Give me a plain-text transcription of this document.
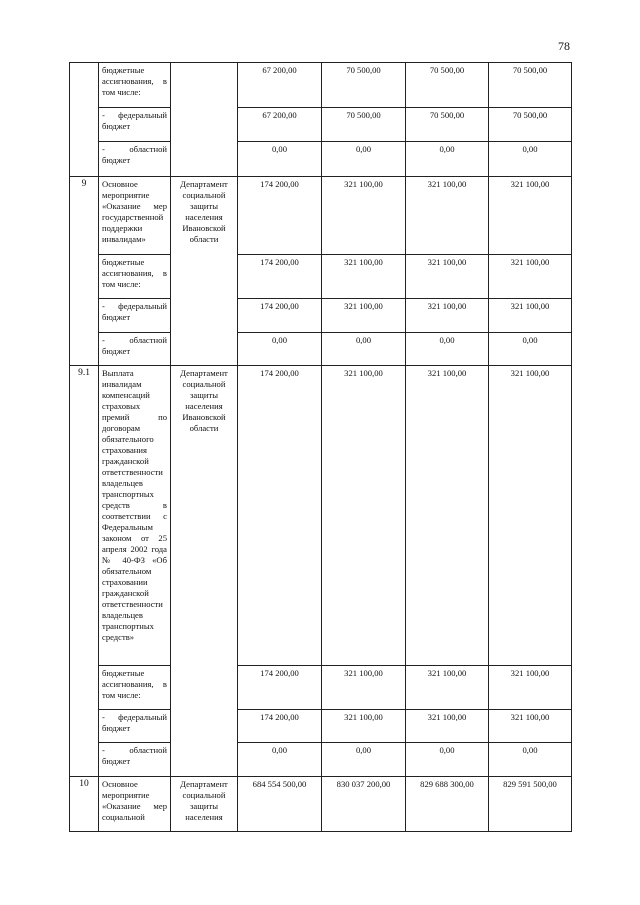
78
	бюджетные ассигнования, в том числе:		67 200,00	70 500,00	70 500,00	70 500,00
	- федеральный бюджет		67 200,00	70 500,00	70 500,00	70 500,00
	- областной бюджет		0,00	0,00	0,00	0,00
9	Основное мероприятие «Оказание мер государственной поддержки инвалидам»	Департамент социальной защиты населения Ивановской области	174 200,00	321 100,00	321 100,00	321 100,00
	бюджетные ассигнования, в том числе:		174 200,00	321 100,00	321 100,00	321 100,00
	- федеральный бюджет		174 200,00	321 100,00	321 100,00	321 100,00
	- областной бюджет		0,00	0,00	0,00	0,00
9.1	Выплата инвалидам компенсаций страховых премий по договорам обязательного страхования гражданской ответственности владельцев транспортных средств в соответствии с Федеральным законом от 25 апреля 2002 года № 40-ФЗ «Об обязательном страховании гражданской ответственности владельцев транспортных средств»	Департамент социальной защиты населения Ивановской области	174 200,00	321 100,00	321 100,00	321 100,00
	бюджетные ассигнования, в том числе:		174 200,00	321 100,00	321 100,00	321 100,00
	- федеральный бюджет		174 200,00	321 100,00	321 100,00	321 100,00
	- областной бюджет		0,00	0,00	0,00	0,00
10	Основное мероприятие «Оказание мер социальной	Департамент социальной защиты населения	684 554 500,00	830 037 200,00	829 688 300,00	829 591 500,00
